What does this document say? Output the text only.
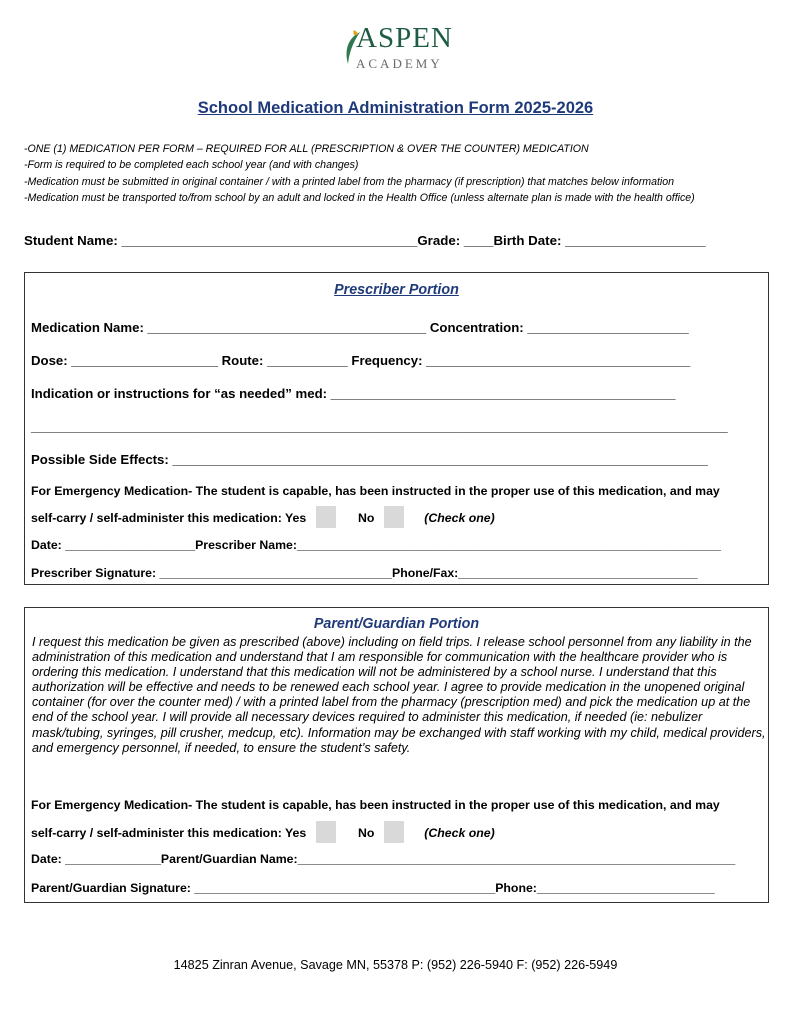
ASPEN
ACADEMY
School Medication Administration Form 2025-2026
-ONE (1) MEDICATION PER FORM – REQUIRED FOR ALL (PRESCRIPTION & OVER THE COUNTER) MEDICATION
-Form is required to be completed each school year (and with changes)
-Medication must be submitted in original container / with a printed label from the pharmacy (if prescription) that matches below information
-Medication must be transported to/from school by an adult and locked in the Health Office (unless alternate plan is made with the health office)
Student Name: ________________________________________Grade: ____Birth Date: ___________________
Prescriber Portion
Medication Name: ______________________________________ Concentration: ______________________
Dose: ____________________ Route: ___________ Frequency: ____________________________________
Indication or instructions for “as needed” med: _______________________________________________
_______________________________________________________________________________________________
Possible Side Effects: _________________________________________________________________________
For Emergency Medication- The student is capable, has been instructed in the proper use of this medication, and may
self-carry / self-administer this medication: Yes	No	(Check one)
Date: ___________________Prescriber Name:______________________________________________________________
Prescriber Signature: __________________________________Phone/Fax:___________________________________
Parent/Guardian Portion
I request this medication be given as prescribed (above) including on field trips. I release school personnel from any liability in the administration of this medication and understand that I am responsible for communication with the healthcare provider who is ordering this medication. I understand that this medication will not be administered by a school nurse. I understand that this authorization will be effective and needs to be renewed each school year. I agree to provide medication in the unopened original container (for over the counter med) / with a printed label from the pharmacy (prescription med) and pick the medication up at the end of the school year. I will provide all necessary devices required to administer this medication, if needed (ie: nebulizer mask/tubing, syringes, pill crusher, medcup, etc). Information may be exchanged with staff working with my child, medical providers, and emergency personnel, if needed, to ensure the student’s safety.
For Emergency Medication- The student is capable, has been instructed in the proper use of this medication, and may
self-carry / self-administer this medication: Yes	No	(Check one)
Date: ______________Parent/Guardian Name:________________________________________________________________
Parent/Guardian Signature: ____________________________________________Phone:__________________________
14825 Zinran Avenue, Savage MN, 55378 P: (952) 226-5940 F: (952) 226-5949
